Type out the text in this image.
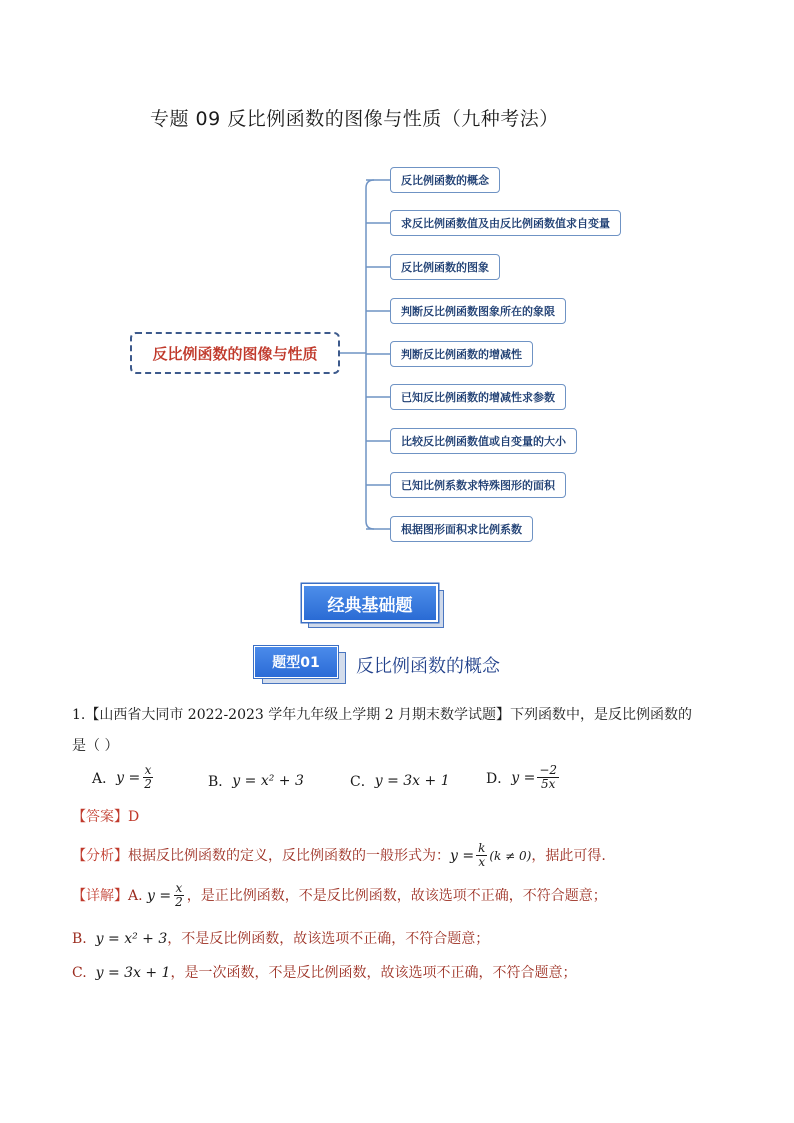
专题 09 反比例函数的图像与性质（九种考法）
反比例函数的图像与性质
反比例函数的概念
求反比例函数值及由反比例函数值求自变量
反比例函数的图象
判断反比例函数图象所在的象限
判断反比例函数的增减性
已知反比例函数的增减性求参数
比较反比例函数值或自变量的大小
已知比例系数求特殊图形的面积
根据图形面积求比例系数
经典基础题
题型01	反比例函数的概念
1.【山西省大同市 2022-2023 学年九年级上学期 2 月期末数学试题】下列函数中，是反比例函数的
是（ ）
A． $y = \frac{x}{2}$	B． y = x² + 3	C． y = 3x + 1	D． $y = \frac{-2}{5x}$
【答案】D
【分析】 根据反比例函数的定义，反比例函数的一般形式为： $y = \frac{k}{x} (k \ne 0)$ ，据此可得.
【详解】 A.
$y = \frac{x}{2}$ ，是正比例函数，不是反比例函数，故该选项不正确，不符合题意；
B. y = x² + 3，不是反比例函数，故该选项不正确，不符合题意；
C. y = 3x + 1，是一次函数，不是反比例函数，故该选项不正确，不符合题意；
